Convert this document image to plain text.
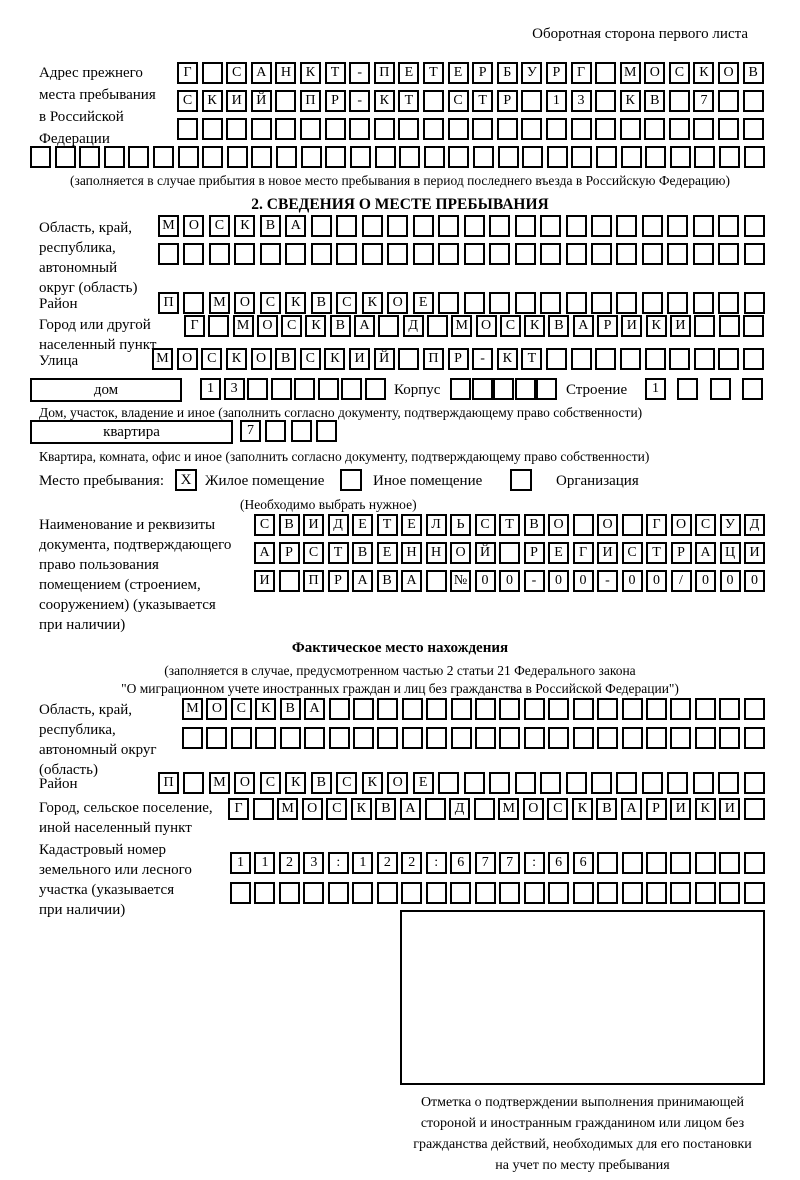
Оборотная сторона первого листа
Адрес прежнего
места пребывания
в Российской
Федерации
Г	С	А	Н	К	Т	-	П	Е	Т	Е	Р	Б	У	Р	Г	М О	С	К	О	В
С	К	И	Й	П	Р	-	К	Т	С	Т	Р	1	3	К	В	7
(заполняется в случае прибытия в новое место пребывания в период последнего въезда в Российскую Федерацию)
2. СВЕДЕНИЯ О МЕСТЕ ПРЕБЫВАНИЯ
Область, край,
республика,
автономный
округ (область)
М	О	С	К	В	А
Район	П	М	О	С	К	В	С	К	О	Е
Город или другой
населенный пункт
Г	М О	С	К	В	А	Д	М О	С	К	В	А	Р	И	К	И
Улица	М О	С	К	О	В	С	К	И	Й	П	Р	-	К	Т
дом	1	3	Корпус	Строение	1
Дом, участок, владение и иное (заполнить согласно документу, подтверждающему право собственности)
квартира	7
Квартира, комната, офис и иное (заполнить согласно документу, подтверждающему право собственности)
Место пребывания:	X Жилое помещение	Иное помещение	Организация
(Необходимо выбрать нужное)
Наименование и реквизиты
документа, подтверждающего
право пользования
помещением (строением,
сооружением) (указывается
при наличии)
С	В	И	Д	Е	Т	Е	Л	Ь	С	Т	В	О	О	Г	О	С	У	Д
А	Р	С	Т	В	Е	Н	Н	О	Й	Р	Е	Г	И	С	Т	Р	А	Ц	И
И	П	Р	А	В	А	№	0	0	-	0	0	-	0	0	/	0	0	0
Фактическое место нахождения
(заполняется в случае, предусмотренном частью 2 статьи 21 Федерального закона
"О миграционном учете иностранных граждан и лиц без гражданства в Российской Федерации")
Область, край,
республика,
автономный округ
(область)
М О	С	К	В	А
Район	П	М	О	С	К	В	С	К	О	Е
Город, сельское поселение,
иной населенный пункт
Г	М О	С	К	В	А	Д	М О	С	К	В	А	Р	И	К	И
Кадастровый номер
земельного или лесного
участка (указывается
при наличии)
1	1	2	3	:	1	2	2	:	6	7	7	:	6	6
Отметка о подтверждении выполнения принимающей
стороной и иностранным гражданином или лицом без
гражданства действий, необходимых для его постановки
на учет по месту пребывания
